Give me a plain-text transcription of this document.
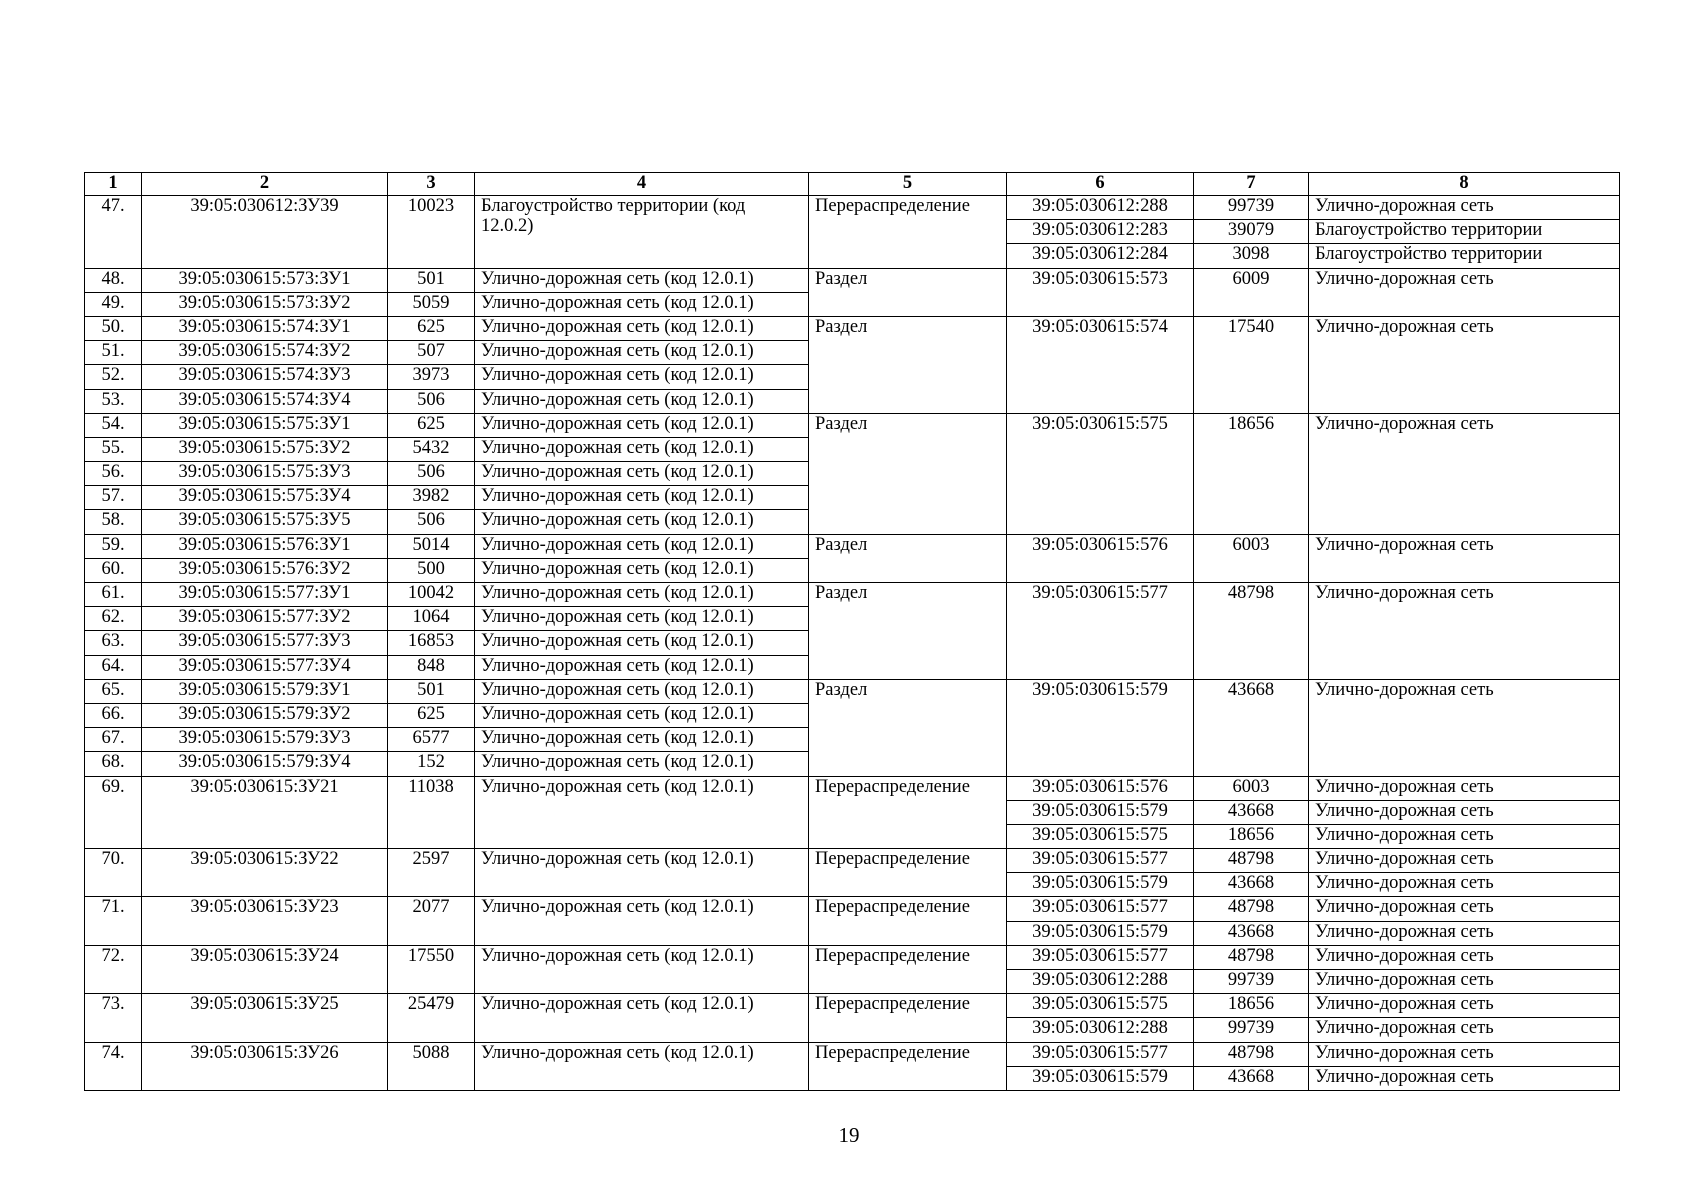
1	2	3	4	5	6	7	8
47.	39:05:030612:ЗУ39	10023	Благоустройство территории (код 12.0.2)	Перераспределение	39:05:030612:288	99739	Улично-дорожная сеть
					39:05:030612:283	39079	Благоустройство территории
					39:05:030612:284	3098	Благоустройство территории
48.	39:05:030615:573:ЗУ1	501	Улично-дорожная сеть (код 12.0.1)	Раздел	39:05:030615:573	6009	Улично-дорожная сеть
49.	39:05:030615:573:ЗУ2	5059	Улично-дорожная сеть (код 12.0.1)				
50.	39:05:030615:574:ЗУ1	625	Улично-дорожная сеть (код 12.0.1)	Раздел	39:05:030615:574	17540	Улично-дорожная сеть
51.	39:05:030615:574:ЗУ2	507	Улично-дорожная сеть (код 12.0.1)				
52.	39:05:030615:574:ЗУ3	3973	Улично-дорожная сеть (код 12.0.1)				
53.	39:05:030615:574:ЗУ4	506	Улично-дорожная сеть (код 12.0.1)				
54.	39:05:030615:575:ЗУ1	625	Улично-дорожная сеть (код 12.0.1)	Раздел	39:05:030615:575	18656	Улично-дорожная сеть
55.	39:05:030615:575:ЗУ2	5432	Улично-дорожная сеть (код 12.0.1)				
56.	39:05:030615:575:ЗУ3	506	Улично-дорожная сеть (код 12.0.1)				
57.	39:05:030615:575:ЗУ4	3982	Улично-дорожная сеть (код 12.0.1)				
58.	39:05:030615:575:ЗУ5	506	Улично-дорожная сеть (код 12.0.1)				
59.	39:05:030615:576:ЗУ1	5014	Улично-дорожная сеть (код 12.0.1)	Раздел	39:05:030615:576	6003	Улично-дорожная сеть
60.	39:05:030615:576:ЗУ2	500	Улично-дорожная сеть (код 12.0.1)				
61.	39:05:030615:577:ЗУ1	10042	Улично-дорожная сеть (код 12.0.1)	Раздел	39:05:030615:577	48798	Улично-дорожная сеть
62.	39:05:030615:577:ЗУ2	1064	Улично-дорожная сеть (код 12.0.1)				
63.	39:05:030615:577:ЗУ3	16853	Улично-дорожная сеть (код 12.0.1)				
64.	39:05:030615:577:ЗУ4	848	Улично-дорожная сеть (код 12.0.1)				
65.	39:05:030615:579:ЗУ1	501	Улично-дорожная сеть (код 12.0.1)	Раздел	39:05:030615:579	43668	Улично-дорожная сеть
66.	39:05:030615:579:ЗУ2	625	Улично-дорожная сеть (код 12.0.1)				
67.	39:05:030615:579:ЗУ3	6577	Улично-дорожная сеть (код 12.0.1)				
68.	39:05:030615:579:ЗУ4	152	Улично-дорожная сеть (код 12.0.1)				
69.	39:05:030615:ЗУ21	11038	Улично-дорожная сеть (код 12.0.1)	Перераспределение	39:05:030615:576	6003	Улично-дорожная сеть
					39:05:030615:579	43668	Улично-дорожная сеть
					39:05:030615:575	18656	Улично-дорожная сеть
70.	39:05:030615:ЗУ22	2597	Улично-дорожная сеть (код 12.0.1)	Перераспределение	39:05:030615:577	48798	Улично-дорожная сеть
					39:05:030615:579	43668	Улично-дорожная сеть
71.	39:05:030615:ЗУ23	2077	Улично-дорожная сеть (код 12.0.1)	Перераспределение	39:05:030615:577	48798	Улично-дорожная сеть
					39:05:030615:579	43668	Улично-дорожная сеть
72.	39:05:030615:ЗУ24	17550	Улично-дорожная сеть (код 12.0.1)	Перераспределение	39:05:030615:577	48798	Улично-дорожная сеть
					39:05:030612:288	99739	Улично-дорожная сеть
73.	39:05:030615:ЗУ25	25479	Улично-дорожная сеть (код 12.0.1)	Перераспределение	39:05:030615:575	18656	Улично-дорожная сеть
					39:05:030612:288	99739	Улично-дорожная сеть
74.	39:05:030615:ЗУ26	5088	Улично-дорожная сеть (код 12.0.1)	Перераспределение	39:05:030615:577	48798	Улично-дорожная сеть
					39:05:030615:579	43668	Улично-дорожная сеть
19
